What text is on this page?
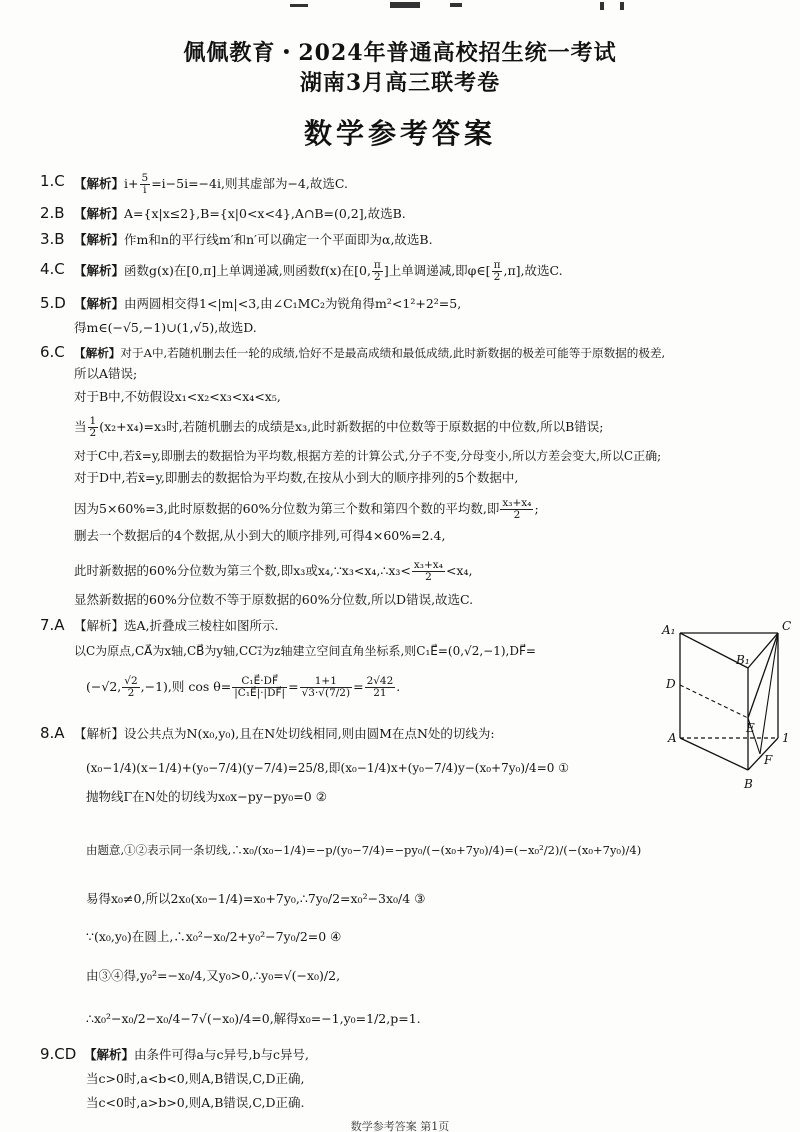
佩佩教育・2024年普通高校招生统一考试
湖南3月高三联考卷
数学参考答案
1.C 【解析】$i+ \frac{5}{i} =i-5i=-4i$,则其虚部为−4,故选C.
2.B 【解析】A={x|x≤2},B={x|0<x<4},A∩B=(0,2],故选B.
3.B 【解析】作m和n的平行线m′和n′可以确定一个平面即为α,故选B.
4.C 【解析】函数g(x)在[0,π]上单调递减,则函数f(x)在[0, $\frac{\pi}{2}$ ]上单调递减,即φ∈[ $\frac{\pi}{2} ,\pi$],故选C.
5.D 【解析】由两圆相交得1<|m|<3,由∠C₁MC₂为锐角得m²<1²+2²=5,
得m∈(−√5,−1)∪(1,√5),故选D.
6.C 【解析】对于A中,若随机删去任一轮的成绩,恰好不是最高成绩和最低成绩,此时新数据的极差可能等于原数据的极差,
所以A错误;
对于B中,不妨假设x₁<x₂<x₃<x₄<x₅,
当 $\frac{1}{2} (x_2+x_4)=x_3$时,若随机删去的成绩是x₃,此时新数据的中位数等于原数据的中位数,所以B错误;
对于C中,若x̄=y,即删去的数据恰为平均数,根据方差的计算公式,分子不变,分母变小,所以方差会变大,所以C正确;
对于D中,若x̄=y,即删去的数据恰为平均数,在按从小到大的顺序排列的5个数据中,
因为5×60%=3,此时原数据的60%分位数为第三个数和第四个数的平均数,即 $\frac{\text{x₃+x₄}}{2}$ ;
删去一个数据后的4个数据,从小到大的顺序排列,可得4×60%=2.4,
此时新数据的60%分位数为第三个数,即x₃或x₄,∵x₃<x₄,∴x₃< $\frac{\text{x₃+x₄}}{2} <x_4$,
显然新数据的60%分位数不等于原数据的60%分位数,所以D错误,故选C.
7.A 【解析】选A,折叠成三棱柱如图所示.
以C为原点,CA⃗为x轴,CB⃗为y轴,CC₁⃗为z轴建立空间直角坐标系,则C₁E⃗=(0,√2,−1),DF⃗=
(−√2, $\frac{√2}{2} ,-1$),则 $\cos \theta= \frac{\text{C₁E⃗·DF⃗}}{\text{|C₁E⃗|·|DF⃗|}} = \frac{1+1}{√3\cdot√(7/2)} = \frac{2√42}{21}$ .
A₁	C
B₁
D
E
A
F
B
1
8.A 【解析】设公共点为N(x₀,y₀),且在N处切线相同,则由圆M在点N处的切线为:
(x₀−1/4)(x−1/4)+(y₀−7/4)(y−7/4)=25/8,即(x₀−1/4)x+(y₀−7/4)y−(x₀+7y₀)/4=0 ①
抛物线Γ在N处的切线为x₀x−py−py₀=0 ②
由题意,①②表示同一条切线,∴x₀/(x₀−1/4)=−p/(y₀−7/4)=−py₀/(−(x₀+7y₀)/4)=(−x₀²/2)/(−(x₀+7y₀)/4)
易得x₀≠0,所以2x₀(x₀−1/4)=x₀+7y₀,∴7y₀/2=x₀²−3x₀/4 ③
∵(x₀,y₀)在圆上,∴x₀²−x₀/2+y₀²−7y₀/2=0 ④
由③④得,y₀²=−x₀/4,又y₀>0,∴y₀=√(−x₀)/2,
∴x₀²−x₀/2−x₀/4−7√(−x₀)/4=0,解得x₀=−1,y₀=1/2,p=1.
9.CD 【解析】由条件可得a与c异号,b与c异号,
当c>0时,a<b<0,则A,B错误,C,D正确,
当c<0时,a>b>0,则A,B错误,C,D正确.
数学参考答案 第1页
